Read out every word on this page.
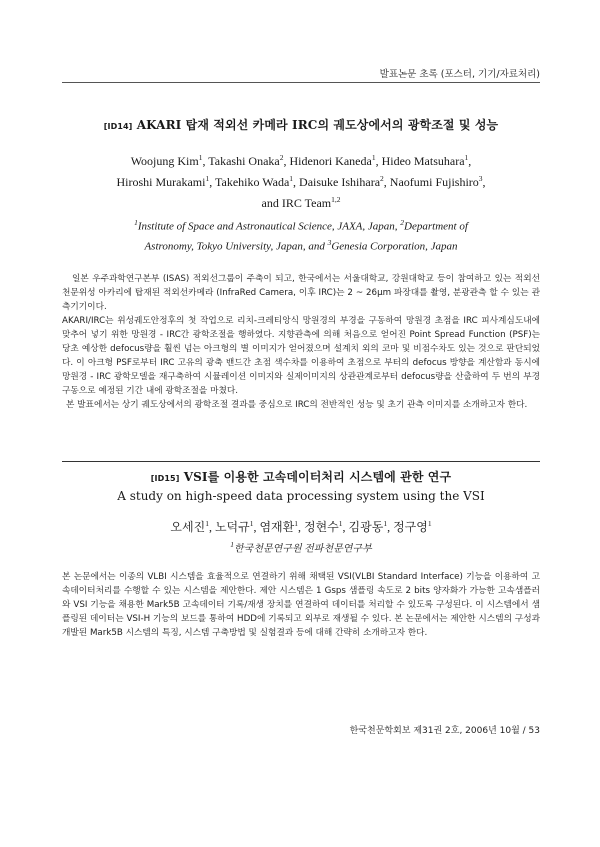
발표논문 초록 (포스터, 기기/자료처리)
[ID14] AKARI 탑재 적외선 카메라 IRC의 궤도상에서의 광학조절 및 성능
Woojung Kim$^1$, Takashi Onaka$^2$, Hidenori Kaneda$^1$, Hideo Matsuhara$^1$,
Hiroshi Murakami$^1$, Takehiko Wada$^1$, Daisuke Ishihara$^2$, Naofumi Fujishiro$^3$,
and IRC Team$^{1,2}$
$^1$Institute of Space and Astronautical Science, JAXA, Japan, $^2$Department of
Astronomy, Tokyo University, Japan, and $^3$Genesia Corporation, Japan

일본 우주과학연구본부 (ISAS) 적외선그룹이 주축이 되고, 한국에서는 서울대학교, 강원대학교 등이 참여하고 있는 적외선 천문위성 아카리에 탑재된 적외선카메라 (InfraRed Camera, 이후 IRC)는 2 ~ 26μm 파장대를 촬영, 분광관측 할 수 있는 관측기기이다.

AKARI/IRC는 위성궤도안정후의 첫 작업으로 리치-크레티앙식 망원경의 부경을 구동하여 망원경 초점을 IRC 피사계심도내에 맞추어 넣기 위한 망원경 - IRC간 광학조절을 행하였다. 지향관측에 의해 처음으로 얻어진 Point Spread Function (PSF)는 당초 예상한 defocus량을 훨씬 넘는 아크형의 별 이미지가 얻어졌으며 설계치 외의 코마 및 비점수차도 있는 것으로 판단되었다. 이 아크형 PSF로부터 IRC 고유의 광축 밴드간 초점 색수차를 이용하여 초점으로 부터의 defocus 방향을 계산함과 동시에 망원경 - IRC 광학모델을 재구축하여 시뮬레이션 이미지와 실제이미지의 상관관계로부터 defocus량을 산출하여 두 번의 부경구동으로 예정된 기간 내에 광학조절을 마쳤다.

본 발표에서는 상기 궤도상에서의 광학조절 결과를 중심으로 IRC의 전반적인 성능 및 초기 관측 이미지를 소개하고자 한다.

[ID15] VSI를 이용한 고속데이터처리 시스템에 관한 연구
A study on high-speed data processing system using the VSI
오세진$^1$, 노덕규$^1$, 염재환$^1$, 정현수$^1$, 김광동$^1$, 정구영$^1$
$^1$한국천문연구원 전파천문연구부

본 논문에서는 이종의 VLBI 시스템을 효율적으로 연결하기 위해 채택된 VSI(VLBI Standard Interface) 기능을 이용하여 고속데이터처리를 수행할 수 있는 시스템을 제안한다. 제안 시스템은 1 Gsps 샘플링 속도로 2 bits 양자화가 가능한 고속샘플러와 VSI 기능을 채용한 Mark5B 고속데이터 기록/재생 장치를 연결하여 데이터를 처리할 수 있도록 구성된다. 이 시스템에서 샘플링된 데이터는 VSI-H 기능의 보드를 통하여 HDD에 기록되고 외부로 재생될 수 있다. 본 논문에서는 제안한 시스템의 구성과 개발된 Mark5B 시스템의 특징, 시스템 구축방법 및 실험결과 등에 대해 간략히 소개하고자 한다.

한국천문학회보 제31권 2호, 2006년 10월 / 53
